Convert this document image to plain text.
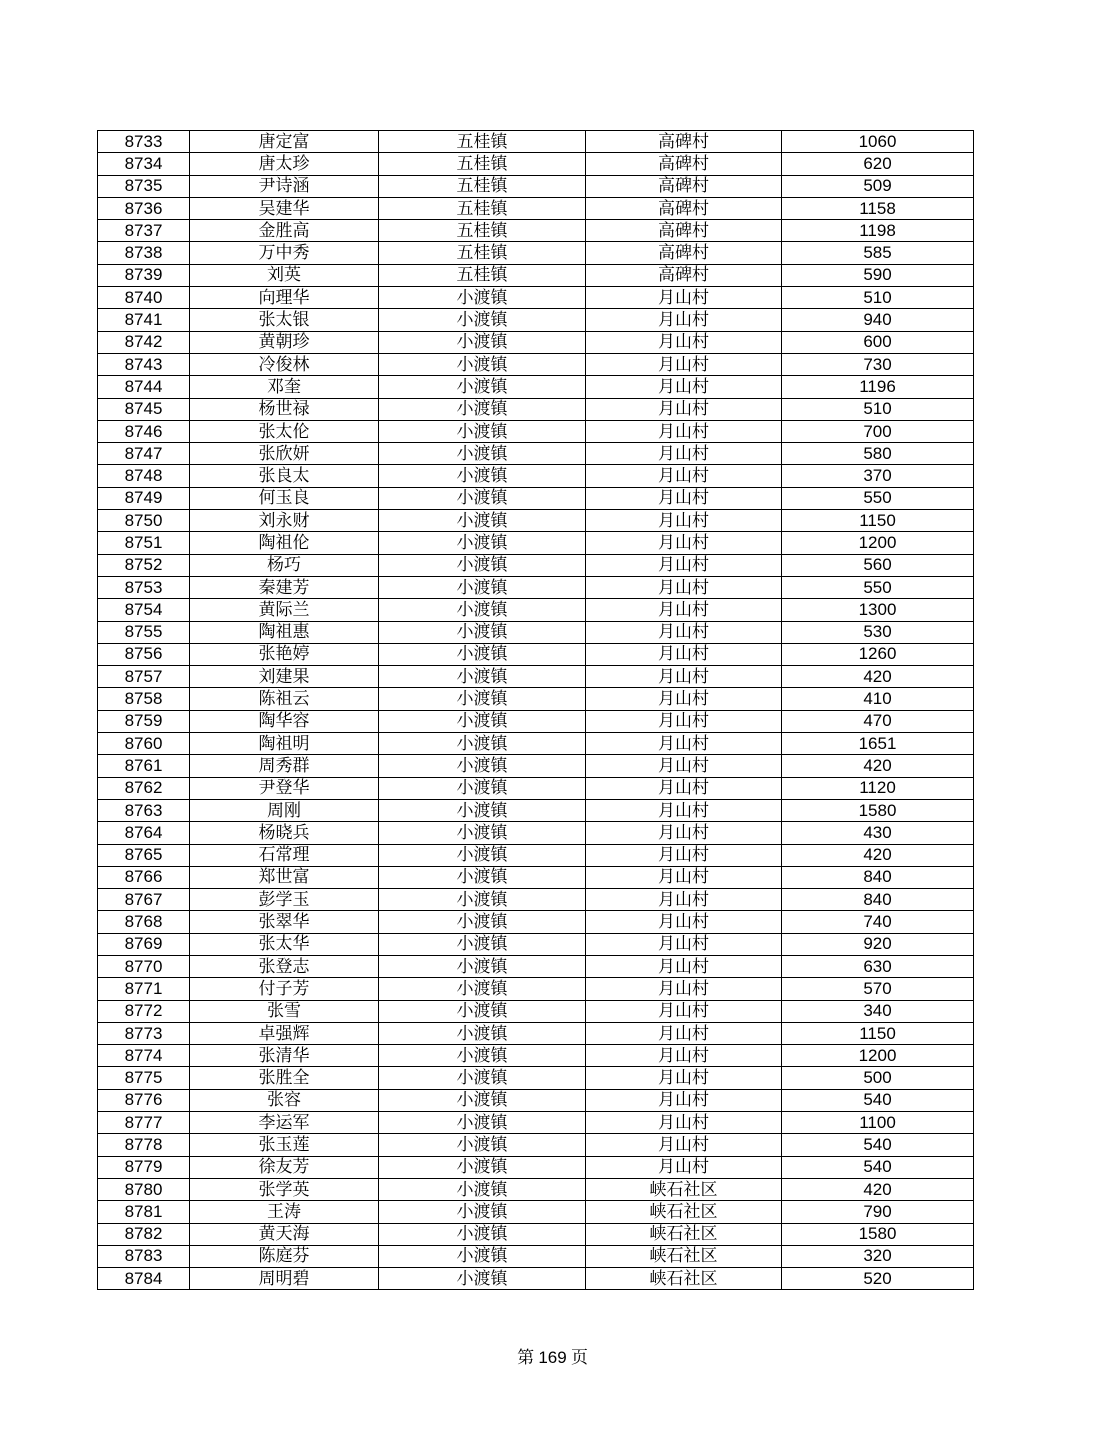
8733	唐定富	五桂镇	高碑村	1060
8734	唐太珍	五桂镇	高碑村	620
8735	尹诗涵	五桂镇	高碑村	509
8736	吴建华	五桂镇	高碑村	1158
8737	金胜高	五桂镇	高碑村	1198
8738	万中秀	五桂镇	高碑村	585
8739	刘英	五桂镇	高碑村	590
8740	向理华	小渡镇	月山村	510
8741	张太银	小渡镇	月山村	940
8742	黄朝珍	小渡镇	月山村	600
8743	冷俊林	小渡镇	月山村	730
8744	邓奎	小渡镇	月山村	1196
8745	杨世禄	小渡镇	月山村	510
8746	张太伦	小渡镇	月山村	700
8747	张欣妍	小渡镇	月山村	580
8748	张良太	小渡镇	月山村	370
8749	何玉良	小渡镇	月山村	550
8750	刘永财	小渡镇	月山村	1150
8751	陶祖伦	小渡镇	月山村	1200
8752	杨巧	小渡镇	月山村	560
8753	秦建芳	小渡镇	月山村	550
8754	黄际兰	小渡镇	月山村	1300
8755	陶祖惠	小渡镇	月山村	530
8756	张艳婷	小渡镇	月山村	1260
8757	刘建果	小渡镇	月山村	420
8758	陈祖云	小渡镇	月山村	410
8759	陶华容	小渡镇	月山村	470
8760	陶祖明	小渡镇	月山村	1651
8761	周秀群	小渡镇	月山村	420
8762	尹登华	小渡镇	月山村	1120
8763	周刚	小渡镇	月山村	1580
8764	杨晓兵	小渡镇	月山村	430
8765	石常理	小渡镇	月山村	420
8766	郑世富	小渡镇	月山村	840
8767	彭学玉	小渡镇	月山村	840
8768	张翠华	小渡镇	月山村	740
8769	张太华	小渡镇	月山村	920
8770	张登志	小渡镇	月山村	630
8771	付子芳	小渡镇	月山村	570
8772	张雪	小渡镇	月山村	340
8773	卓强辉	小渡镇	月山村	1150
8774	张清华	小渡镇	月山村	1200
8775	张胜全	小渡镇	月山村	500
8776	张容	小渡镇	月山村	540
8777	李运军	小渡镇	月山村	1100
8778	张玉莲	小渡镇	月山村	540
8779	徐友芳	小渡镇	月山村	540
8780	张学英	小渡镇	峡石社区	420
8781	王涛	小渡镇	峡石社区	790
8782	黄天海	小渡镇	峡石社区	1580
8783	陈庭芬	小渡镇	峡石社区	320
8784	周明碧	小渡镇	峡石社区	520
第 169 页
